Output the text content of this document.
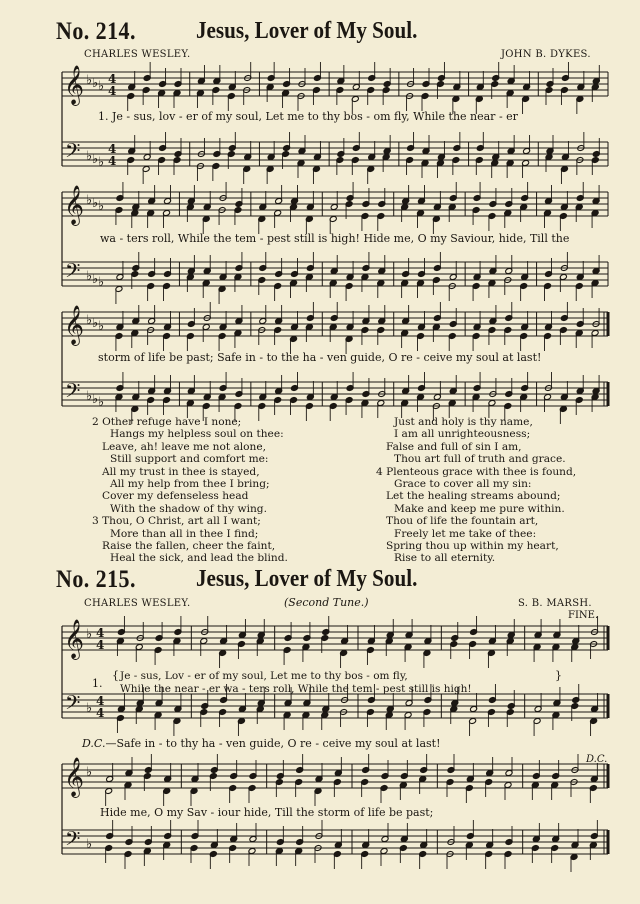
No. 214.	Jesus, Lover of My Soul.
CHARLES WESLEY.	JOHN B. DYKES.
𝄞
𝄢
♭
♭
♭
♭
♭
♭
4
4
4
4
𝄞
𝄢
♭
♭
♭
♭
♭
♭
𝄞
𝄢
♭
♭
♭
♭
♭
♭
𝄞
𝄢
♭
♭
4
4
4
4
𝄞
𝄢
♭
♭
1. Je - sus, lov - er of my soul, Let me to thy bos - om fly, While the near - er
wa - ters roll, While the tem - pest still is high! Hide me, O my Saviour, hide, Till the
storm of life be past; Safe in - to the ha - ven guide, O re - ceive my soul at last!
2 Other refuge have I none;
Hangs my helpless soul on thee:
Leave, ah! leave me not alone,
Still support and comfort me:
All my trust in thee is stayed,
All my help from thee I bring;
Cover my defenseless head
With the shadow of thy wing.
3 Thou, O Christ, art all I want;
More than all in thee I find;
Raise the fallen, cheer the faint,
Heal the sick, and lead the blind.
Just and holy is thy name,
I am all unrighteousness;
False and full of sin I am,
Thou art full of truth and grace.
4 Plenteous grace with thee is found,
Grace to cover all my sin:
Let the healing streams abound;
Make and keep me pure within.
Thou of life the fountain art,
Freely let me take of thee:
Spring thou up within my heart,
Rise to all eternity.
No. 215.	Jesus, Lover of My Soul.
CHARLES WESLEY.	(Second Tune.)	S. B. MARSH.
FINE.
1.
{ Je - sus, Lov - er of my soul, Let me to thy bos - om fly,
While the near - er wa - ters roll, While the tem - pest still is high!
}
D.C.—Safe in - to thy ha - ven guide, O re - ceive my soul at last!
D.C.
Hide me, O my Sav - iour hide, Till the storm of life be past;
